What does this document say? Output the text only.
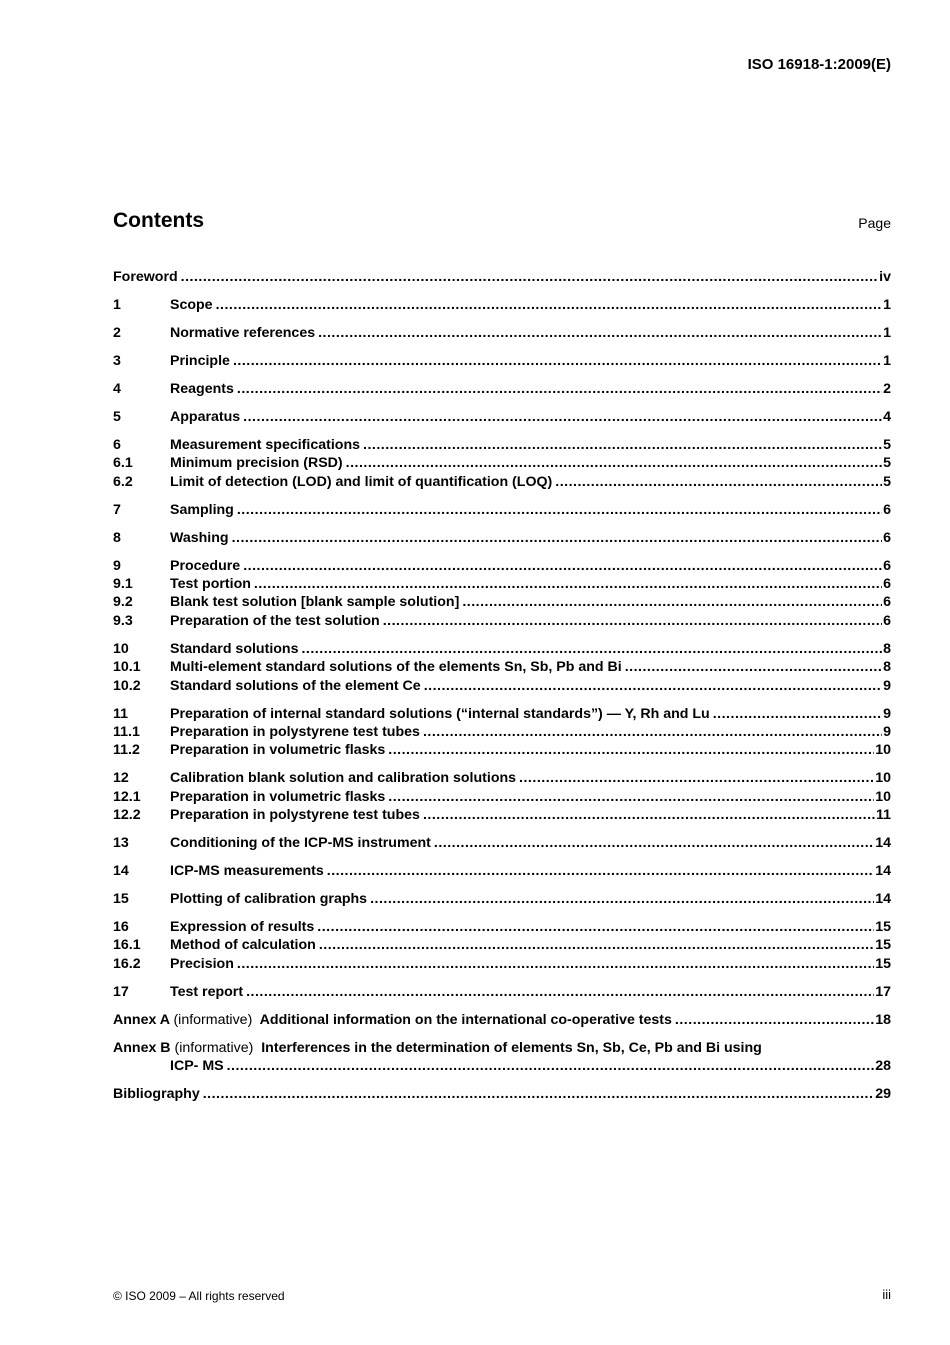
ISO 16918-1:2009(E)
Contents	Page
Foreword .....	iv
1	Scope .....	1
2	Normative references .....	1
3	Principle .....	1
4	Reagents .....	2
5	Apparatus .....	4
6	Measurement specifications .....	5
6.1	Minimum precision (RSD) .....	5
6.2	Limit of detection (LOD) and limit of quantification (LOQ) .....	5
7	Sampling .....	6
8	Washing .....	6
9	Procedure .....	6
9.1	Test portion .....	6
9.2	Blank test solution [blank sample solution] .....	6
9.3	Preparation of the test solution .....	6
10	Standard solutions .....	8
10.1 Multi-element standard solutions of the elements Sn, Sb, Pb and Bi .....	8
10.2 Standard solutions of the element Ce .....	9
11	Preparation of internal standard solutions (“internal standards”) — Y, Rh and Lu .....	9
11.1 Preparation in polystyrene test tubes .....	9
11.2 Preparation in volumetric flasks .....	10
12	Calibration blank solution and calibration solutions .....	10
12.1 Preparation in volumetric flasks .....	10
12.2 Preparation in polystyrene test tubes .....	11
13	Conditioning of the ICP-MS instrument .....	14
14	ICP-MS measurements .....	14
15	Plotting of calibration graphs .....	14
16	Expression of results .....	15
16.1 Method of calculation .....	15
16.2 Precision .....	15
17	Test report .....	17
Annex A (informative) Additional information on the international co-operative tests .....	18
Annex B (informative) Interferences in the determination of elements Sn, Sb, Ce, Pb and Bi using
ICP- MS .....	28
Bibliography .....	29
© ISO 2009 – All rights reserved	iii
